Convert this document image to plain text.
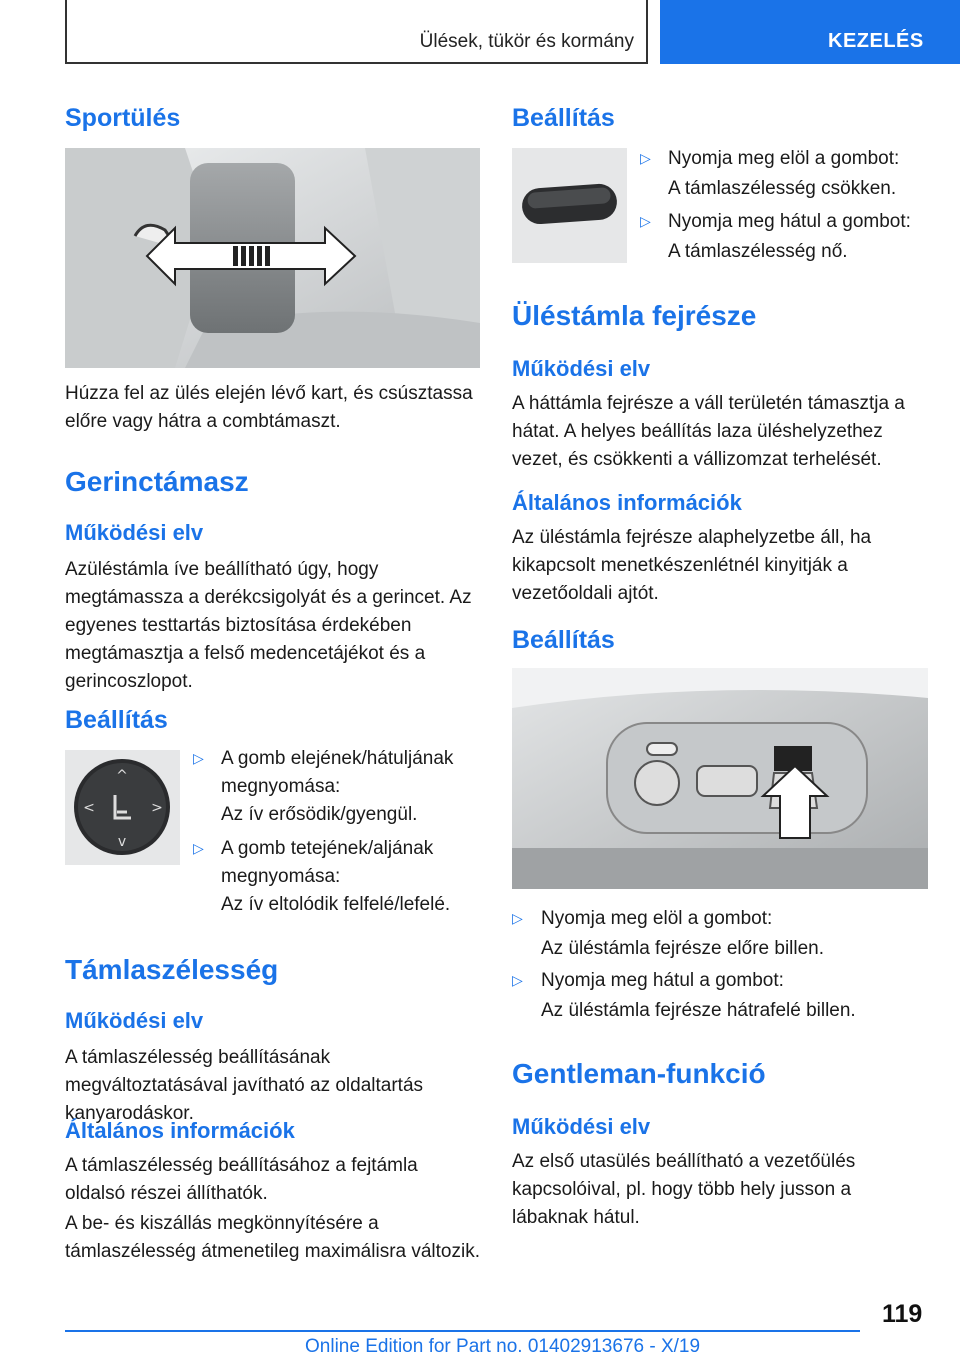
Ülések, tükör és kormány	KEZELÉS
Sportülés
Húzza fel az ülés elején lévő kart, és csúsztassa előre vagy hátra a combtámaszt.
Gerinctámasz
Működési elv
Azüléstámla íve beállítható úgy, hogy megtámassza a derékcsigolyát és a gerincet. Az egyenes testtartás biztosítása érdekében megtámasztja a felső medencetájékot és a gerincoszlopot.
Beállítás
^
v
<	>
▷ A gomb elejének/hátuljának megnyomása:
Az ív erősödik/gyengül.
▷ A gomb tetejének/aljának megnyomása:
Az ív eltolódik felfelé/lefelé.
Támlaszélesség
Működési elv
A támlaszélesség beállításának megváltoztatásával javítható az oldaltartás kanyarodáskor.
Általános információk
A támlaszélesség beállításához a fejtámla oldalsó részei állíthatók.
A be- és kiszállás megkönnyítésére a támlaszélesség átmenetileg maximálisra változik.
Beállítás
▷ Nyomja meg elöl a gombot:
A támlaszélesség csökken.
▷ Nyomja meg hátul a gombot:
A támlaszélesség nő.
Üléstámla fejrésze
Működési elv
A háttámla fejrésze a váll területén támasztja a hátat. A helyes beállítás laza üléshelyzethez vezet, és csökkenti a vállizomzat terhelését.
Általános információk
Az üléstámla fejrésze alaphelyzetbe áll, ha kikapcsolt menetkészenlétnél kinyitják a vezetőoldali ajtót.
Beállítás
▷ Nyomja meg elöl a gombot:
Az üléstámla fejrésze előre billen.
▷ Nyomja meg hátul a gombot:
Az üléstámla fejrésze hátrafelé billen.
Gentleman-funkció
Működési elv
Az első utasülés beállítható a vezetőülés kapcsolóival, pl. hogy több hely jusson a lábaknak hátul.
119
Online Edition for Part no. 01402913676 - X/19
